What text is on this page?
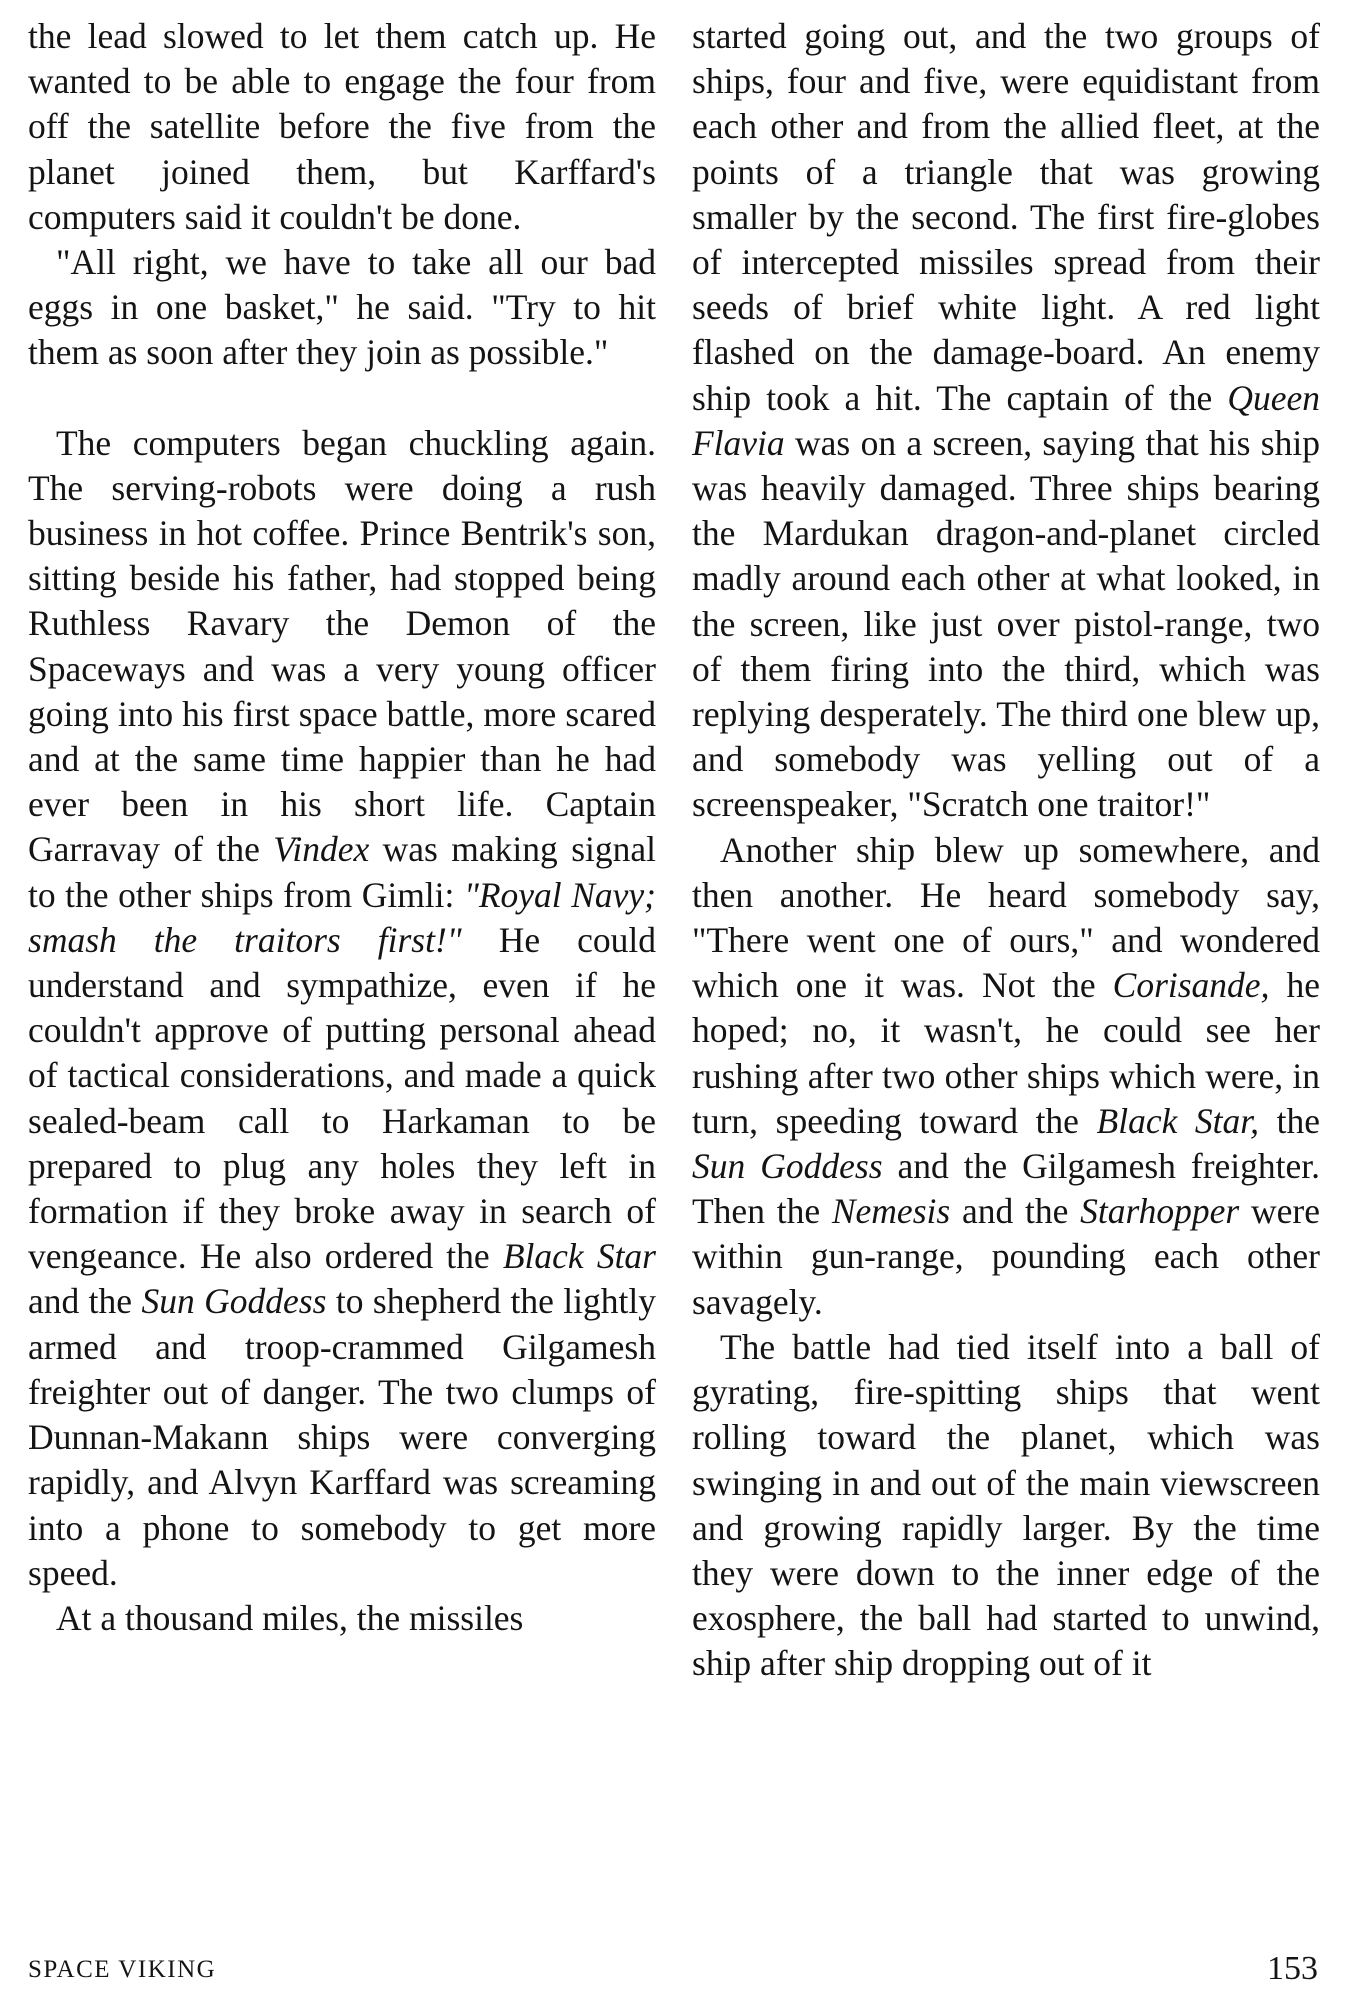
the lead slowed to let them catch up. He wanted to be able to engage the four from off the satellite before the five from the planet joined them, but Karffard's computers said it couldn't be done.

"All right, we have to take all our bad eggs in one basket," he said. "Try to hit them as soon after they join as possible."

The computers began chuckling again. The serving-robots were doing a rush business in hot coffee. Prince Bentrik's son, sitting beside his father, had stopped being Ruthless Ravary the Demon of the Spaceways and was a very young officer going into his first space battle, more scared and at the same time happier than he had ever been in his short life. Captain Garravay of the Vindex was making signal to the other ships from Gimli: "Royal Navy; smash the traitors first!" He could understand and sympathize, even if he couldn't approve of putting personal ahead of tactical considerations, and made a quick sealed-beam call to Harkaman to be prepared to plug any holes they left in formation if they broke away in search of vengeance. He also ordered the Black Star and the Sun Goddess to shepherd the lightly armed and troop-crammed Gilgamesh freighter out of danger. The two clumps of Dunnan-Makann ships were converging rapidly, and Alvyn Karffard was screaming into a phone to somebody to get more speed.

At a thousand miles, the missiles

started going out, and the two groups of ships, four and five, were equidistant from each other and from the allied fleet, at the points of a triangle that was growing smaller by the second. The first fire-globes of intercepted missiles spread from their seeds of brief white light. A red light flashed on the damage-board. An enemy ship took a hit. The captain of the Queen Flavia was on a screen, saying that his ship was heavily damaged. Three ships bearing the Mardukan dragon-and-planet circled madly around each other at what looked, in the screen, like just over pistol-range, two of them firing into the third, which was replying desperately. The third one blew up, and somebody was yelling out of a screenspeaker, "Scratch one traitor!"

Another ship blew up somewhere, and then another. He heard somebody say, "There went one of ours," and wondered which one it was. Not the Corisande, he hoped; no, it wasn't, he could see her rushing after two other ships which were, in turn, speeding toward the Black Star, the Sun Goddess and the Gilgamesh freighter. Then the Nemesis and the Starhopper were within gun-range, pounding each other savagely.

The battle had tied itself into a ball of gyrating, fire-spitting ships that went rolling toward the planet, which was swinging in and out of the main viewscreen and growing rapidly larger. By the time they were down to the inner edge of the exosphere, the ball had started to unwind, ship after ship dropping out of it

SPACE VIKING	153
